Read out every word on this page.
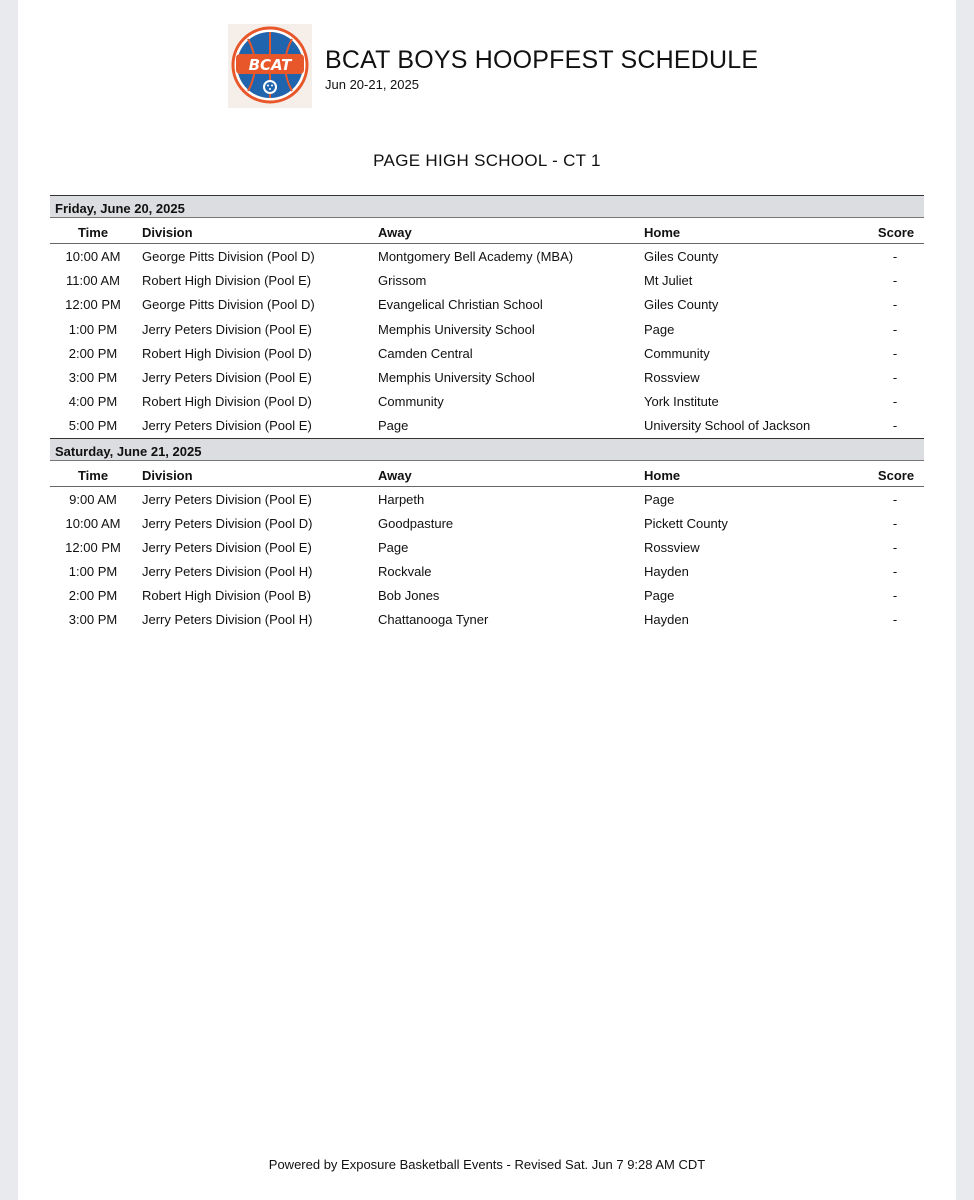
BCAT BCAT BOYS HOOPFEST SCHEDULE
Jun 20-21, 2025
PAGE HIGH SCHOOL - CT 1
Friday, June 20, 2025
Time	Division	Away	Home	Score
10:00 AM	George Pitts Division (Pool D)	Montgomery Bell Academy (MBA)	Giles County	-
11:00 AM	Robert High Division (Pool E)	Grissom	Mt Juliet	-
12:00 PM	George Pitts Division (Pool D)	Evangelical Christian School	Giles County	-
1:00 PM	Jerry Peters Division (Pool E)	Memphis University School	Page	-
2:00 PM	Robert High Division (Pool D)	Camden Central	Community	-
3:00 PM	Jerry Peters Division (Pool E)	Memphis University School	Rossview	-
4:00 PM	Robert High Division (Pool D)	Community	York Institute	-
5:00 PM	Jerry Peters Division (Pool E)	Page	University School of Jackson	-
Saturday, June 21, 2025
Time	Division	Away	Home	Score
9:00 AM	Jerry Peters Division (Pool E)	Harpeth	Page	-
10:00 AM	Jerry Peters Division (Pool D)	Goodpasture	Pickett County	-
12:00 PM	Jerry Peters Division (Pool E)	Page	Rossview	-
1:00 PM	Jerry Peters Division (Pool H)	Rockvale	Hayden	-
2:00 PM	Robert High Division (Pool B)	Bob Jones	Page	-
3:00 PM	Jerry Peters Division (Pool H)	Chattanooga Tyner	Hayden	-
Powered by Exposure Basketball Events - Revised Sat. Jun 7 9:28 AM CDT
